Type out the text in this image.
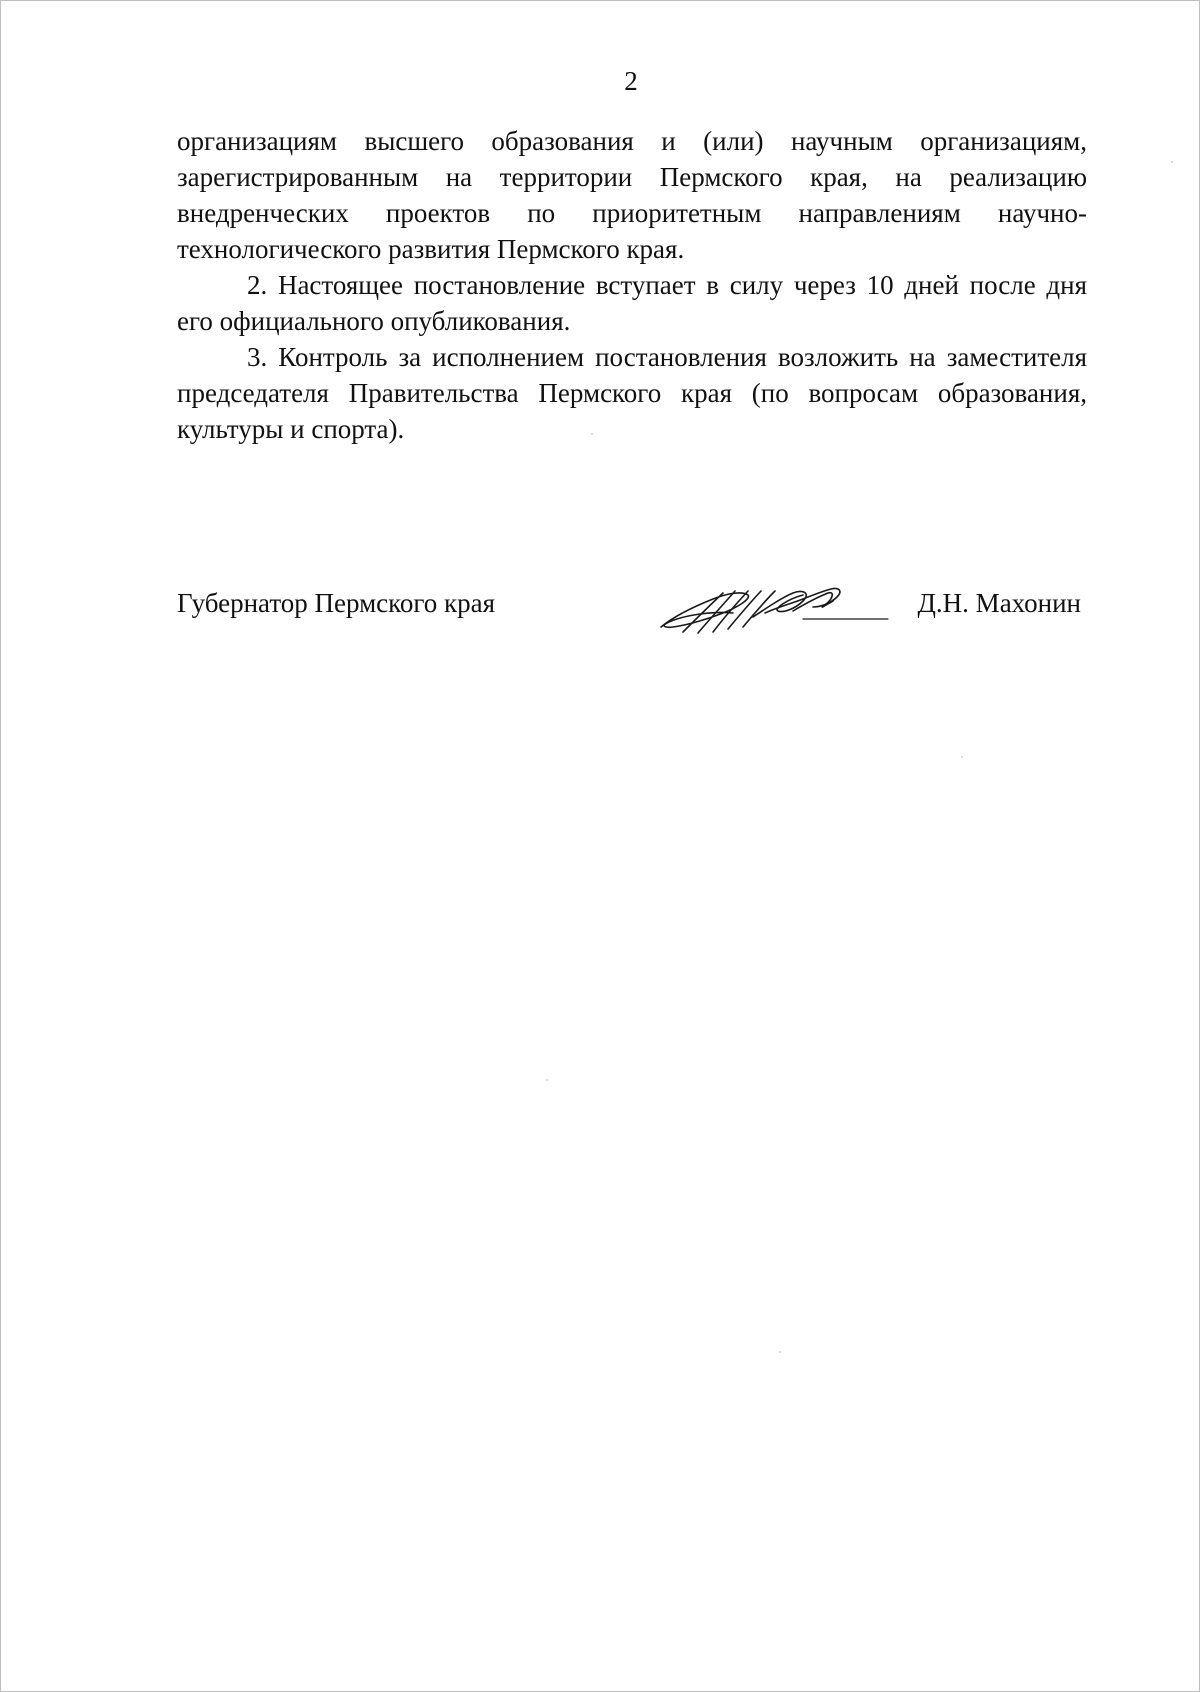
2

организациям высшего образования и (или) научным организациям, зарегистрированным на территории Пермского края, на реализацию внедренческих проектов по приоритетным направлениям научно-технологического развития Пермского края.

2. Настоящее постановление вступает в силу через 10 дней после дня его официального опубликования.

3. Контроль за исполнением постановления возложить на заместителя председателя Правительства Пермского края (по вопросам образования, культуры и спорта).

Губернатор Пермского края	Д.Н. Махонин
